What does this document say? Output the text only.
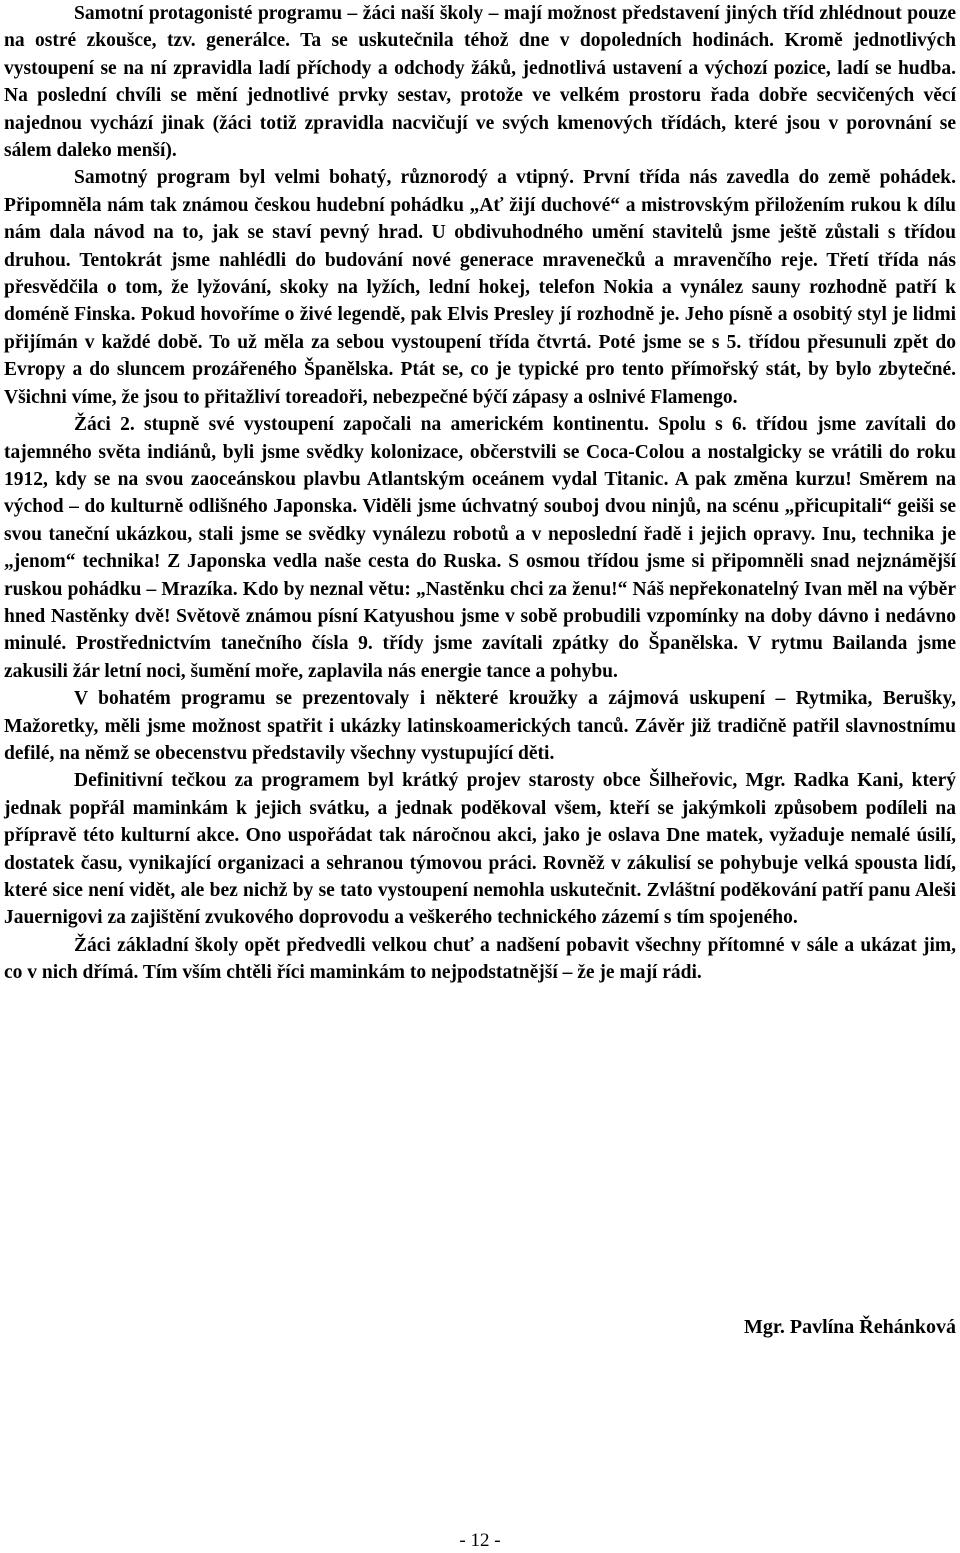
Samotní protagonisté programu – žáci naší školy – mají možnost představení jiných tříd zhlédnout pouze na ostré zkoušce, tzv. generálce. Ta se uskutečnila téhož dne v dopoledních hodinách. Kromě jednotlivých vystoupení se na ní zpravidla ladí příchody a odchody žáků, jednotlivá ustavení a výchozí pozice, ladí se hudba. Na poslední chvíli se mění jednotlivé prvky sestav, protože ve velkém prostoru řada dobře secvičených věcí najednou vychází jinak (žáci totiž zpravidla nacvičují ve svých kmenových třídách, které jsou v porovnání se sálem daleko menší).

Samotný program byl velmi bohatý, různorodý a vtipný. První třída nás zavedla do země pohádek. Připomněla nám tak známou českou hudební pohádku „Ať žijí duchové“ a mistrovským přiložením rukou k dílu nám dala návod na to, jak se staví pevný hrad. U obdivuhodného umění stavitelů jsme ještě zůstali s třídou druhou. Tentokrát jsme nahlédli do budování nové generace mravenečků a mravenčího reje. Třetí třída nás přesvědčila o tom, že lyžování, skoky na lyžích, lední hokej, telefon Nokia a vynález sauny rozhodně patří k doméně Finska. Pokud hovoříme o živé legendě, pak Elvis Presley jí rozhodně je. Jeho písně a osobitý styl je lidmi přijímán v každé době. To už měla za sebou vystoupení třída čtvrtá. Poté jsme se s 5. třídou přesunuli zpět do Evropy a do sluncem prozářeného Španělska. Ptát se, co je typické pro tento přímořský stát, by bylo zbytečné. Všichni víme, že jsou to přitažliví toreadoři, nebezpečné býčí zápasy a oslnivé Flamengo.

Žáci 2. stupně své vystoupení započali na americkém kontinentu. Spolu s 6. třídou jsme zavítali do tajemného světa indiánů, byli jsme svědky kolonizace, občerstvili se Coca-Colou a nostalgicky se vrátili do roku 1912, kdy se na svou zaoceánskou plavbu Atlantským oceánem vydal Titanic. A pak změna kurzu! Směrem na východ – do kulturně odlišného Japonska. Viděli jsme úchvatný souboj dvou ninjů, na scénu „přicupitali“ geiši se svou taneční ukázkou, stali jsme se svědky vynálezu robotů a v neposlední řadě i jejich opravy. Inu, technika je „jenom“ technika! Z Japonska vedla naše cesta do Ruska. S osmou třídou jsme si připomněli snad nejznámější ruskou pohádku – Mrazíka. Kdo by neznal větu: „Nastěnku chci za ženu!“ Náš nepřekonatelný Ivan měl na výběr hned Nastěnky dvě! Světově známou písní Katyushou jsme v sobě probudili vzpomínky na doby dávno i nedávno minulé. Prostřednictvím tanečního čísla 9. třídy jsme zavítali zpátky do Španělska. V rytmu Bailanda jsme zakusili žár letní noci, šumění moře, zaplavila nás energie tance a pohybu.

V bohatém programu se prezentovaly i některé kroužky a zájmová uskupení – Rytmika, Berušky, Mažoretky, měli jsme možnost spatřit i ukázky latinskoamerických tanců. Závěr již tradičně patřil slavnostnímu defilé, na němž se obecenstvu představily všechny vystupující děti.

Definitivní tečkou za programem byl krátký projev starosty obce Šilheřovic, Mgr. Radka Kani, který jednak popřál maminkám k jejich svátku, a jednak poděkoval všem, kteří se jakýmkoli způsobem podíleli na přípravě této kulturní akce. Ono uspořádat tak náročnou akci, jako je oslava Dne matek, vyžaduje nemalé úsilí, dostatek času, vynikající organizaci a sehranou týmovou práci. Rovněž v zákulisí se pohybuje velká spousta lidí, které sice není vidět, ale bez nichž by se tato vystoupení nemohla uskutečnit. Zvláštní poděkování patří panu Aleši Jauernigovi za zajištění zvukového doprovodu a veškerého technického zázemí s tím spojeného.

Žáci základní školy opět předvedli velkou chuť a nadšení pobavit všechny přítomné v sále a ukázat jim, co v nich dřímá. Tím vším chtěli říci maminkám to nejpodstatnější – že je mají rádi.

Mgr. Pavlína Řehánková

- 12 -
